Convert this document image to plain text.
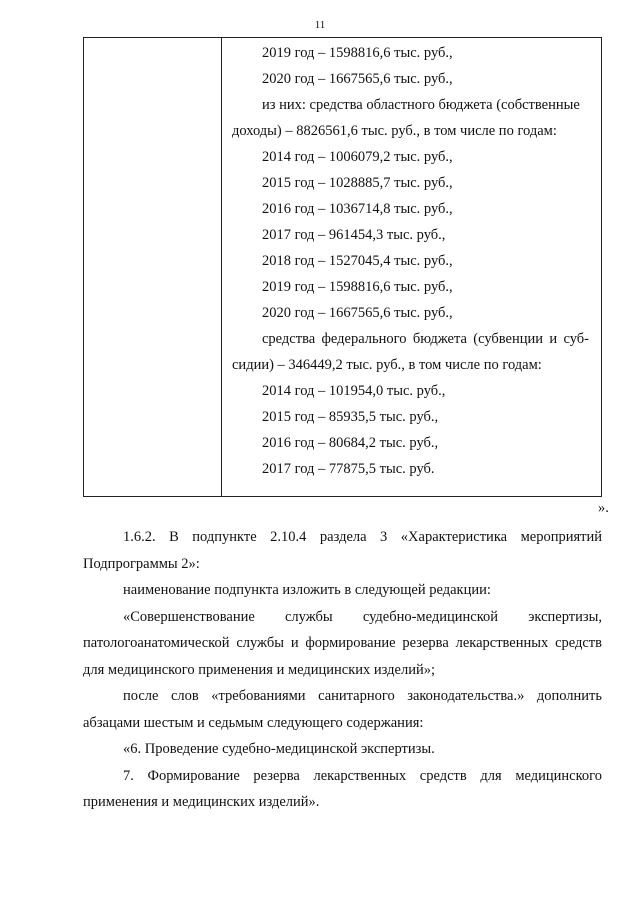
11
2019 год – 1598816,6 тыс. руб.,
2020 год – 1667565,6 тыс. руб.,
из них: средства областного бюджета (собственные
доходы) – 8826561,6 тыс. руб., в том числе по годам:
2014 год – 1006079,2 тыс. руб.,
2015 год – 1028885,7 тыс. руб.,
2016 год – 1036714,8 тыс. руб.,
2017 год – 961454,3 тыс. руб.,
2018 год – 1527045,4 тыс. руб.,
2019 год – 1598816,6 тыс. руб.,
2020 год – 1667565,6 тыс. руб.,
средства федерального бюджета (субвенции и суб-
сидии) – 346449,2 тыс. руб., в том числе по годам:
2014 год – 101954,0 тыс. руб.,
2015 год – 85935,5 тыс. руб.,
2016 год – 80684,2 тыс. руб.,
2017 год – 77875,5 тыс. руб.
».

1.6.2. В подпункте 2.10.4 раздела 3 «Характеристика мероприятий Подпрограммы 2»:

наименование подпункта изложить в следующей редакции:

«Совершенствование службы судебно-медицинской экспертизы, патологоанатомической службы и формирование резерва лекарственных средств для медицинского применения и медицинских изделий»;

после слов «требованиями санитарного законодательства.» дополнить абзацами шестым и седьмым следующего содержания:

«6. Проведение судебно-медицинской экспертизы.

7. Формирование резерва лекарственных средств для медицинского применения и медицинских изделий».
